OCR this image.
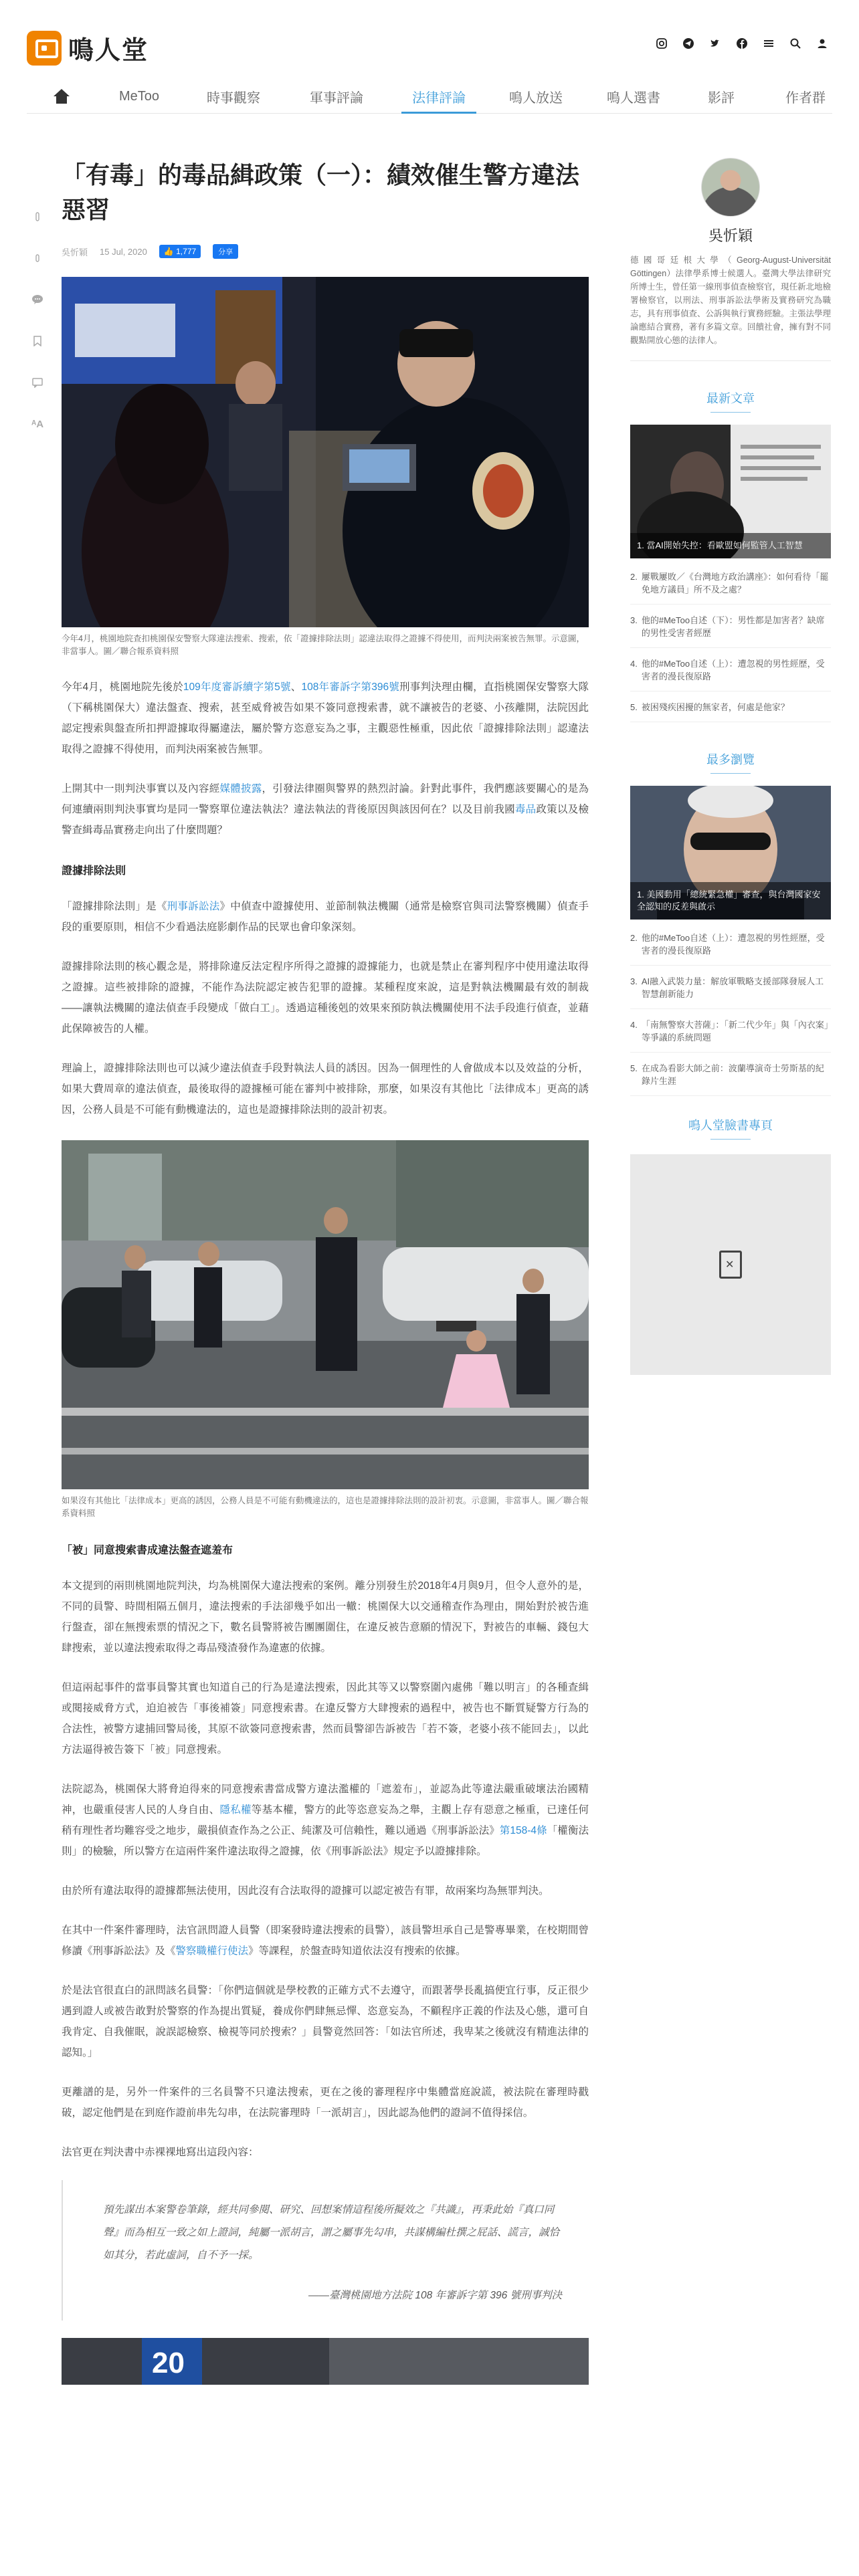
鳴人堂
MeToo	時事觀察	軍事評論	法律評論	鳴人放送	鳴人選書	影評	作者群
ᴬA
「有毒」的毒品緝政策（一）：績效催生警方違法惡習
吳忻穎 15 Jul, 2020 👍 1,777	分享
今年4月，桃園地院查扣桃園保安警察大隊違法搜索、搜索，依「證據排除法則」認違法取得之證據不得使用，而判決兩案被告無罪。示意圖，非當事人。圖／聯合報系資料照

今年4月，桃園地院先後於109年度審訴續字第5號、108年審訴字第396號刑事判決理由欄，直指桃園保安警察大隊（下稱桃園保大）違法盤查、搜索，甚至威脅被告如果不簽同意搜索書，就不讓被告的老婆、小孩離開，法院因此認定搜索與盤查所扣押證據取得屬違法，屬於警方恣意妄為之事，主觀惡性極重，因此依「證據排除法則」認違法取得之證據不得使用，而判決兩案被告無罪。

上開其中一則判決事實以及內容經媒體披露，引發法律圈與警界的熱烈討論。針對此事件，我們應該要關心的是為何連續兩則判決事實均是同一警察單位違法執法？違法執法的背後原因與該因何在？以及目前我國毒品政策以及檢警查緝毒品實務走向出了什麼問題？

證據排除法則

「證據排除法則」是《刑事訴訟法》中偵查中證據使用、並節制執法機關（通常是檢察官與司法警察機關）偵查手段的重要原則，相信不少看過法庭影劇作品的民眾也會印象深刻。

證據排除法則的核心觀念是，將排除違反法定程序所得之證據的證據能力，也就是禁止在審判程序中使用違法取得之證據。這些被排除的證據，不能作為法院認定被告犯罪的證據。某種程度來說，這是對執法機關最有效的制裁——讓執法機關的違法偵查手段變成「做白工」。透過這種後剋的效果來預防執法機關使用不法手段進行偵查，並藉此保障被告的人權。

理論上，證據排除法則也可以減少違法偵查手段對執法人員的誘因。因為一個理性的人會做成本以及效益的分析，如果大費周章的違法偵查，最後取得的證據極可能在審判中被排除，那麼，如果沒有其他比「法律成本」更高的誘因，公務人員是不可能有動機違法的，這也是證據排除法則的設計初衷。

如果沒有其他比「法律成本」更高的誘因，公務人員是不可能有動機違法的，這也是證據排除法則的設計初衷。示意圖，非當事人。圖／聯合報系資料照
「被」同意搜索書成違法盤查遮羞布

本文提到的兩則桃園地院判決，均為桃園保大違法搜索的案例。離分別發生於2018年4月與9月，但令人意外的是，不同的員警、時間相隔五個月，違法搜索的手法卻幾乎如出一轍：桃園保大以交通稽查作為理由，開始對於被告進行盤查，卻在無搜索票的情況之下，數名員警將被告團團圍住，在違反被告意願的情況下，對被告的車輛、錢包大肆搜索，並以違法搜索取得之毒品殘渣發作為違憲的依據。

但這兩起事件的當事員警其實也知道自己的行為是違法搜索，因此其等又以警察圍內處佛「難以明言」的各種查緝或閱接威脅方式，迫迫被告「事後補簽」同意搜索書。在違反警方大肆搜索的過程中，被告也不斷質疑警方行為的合法性，被警方逮捕回警局後，其原不欲簽同意搜索書，然而員警卻告訴被告「若不簽，老婆小孩不能回去」，以此方法逼得被告簽下「被」同意搜索。

法院認為，桃園保大將脅迫得來的同意搜索書當成警方違法濫權的「遮羞布」，並認為此等違法嚴重破壞法治國精神，也嚴重侵害人民的人身自由、隱私權等基本權，警方的此等恣意妄為之舉，主觀上存有惡意之極重，已達任何稍有理性者均難容受之地步，嚴損偵查作為之公正、純潔及可信賴性，難以通過《刑事訴訟法》第158-4條「權衡法則」的檢驗，所以警方在這兩件案件違法取得之證據，依《刑事訴訟法》規定予以證據排除。

由於所有違法取得的證據都無法使用，因此沒有合法取得的證據可以認定被告有罪，故兩案均為無罪判決。

在其中一件案件審理時，法官訊問證人員警（即案發時違法搜索的員警），該員警坦承自己是警專畢業，在校期間曾修讀《刑事訴訟法》及《警察職權行使法》等課程，於盤查時知道依法沒有搜索的依據。

於是法官很直白的訊問該名員警：「你們這個就是學校教的正確方式不去遵守，而跟著學長亂搞便宜行事，反正很少遇到證人或被告敢對於警察的作為提出質疑，養成你們肆無忌憚、恣意妄為，不顧程序正義的作法及心態，還可自我肯定、自我催眠，說誤認檢察、檢視等同於搜索？」員警竟然回答：「如法官所述，我卑某之後就沒有精進法律的認知。」

更離譜的是，另外一件案件的三名員警不只違法搜索，更在之後的審理程序中集體當庭說謊，被法院在審理時戳破，認定他們是在到庭作證前串先勾串，在法院審理時「一派胡言」，因此認為他們的證詞不值得採信。

法官更在判決書中赤裸裸地寫出這段內容：

預先謀出本案警卷筆錄，經共同參閱、研究、回想案情這程後所擬效之『共識』，再秉此始『真口同聲』而為相互一致之如上證詞，純屬一派胡言，謂之屬事先勾串，共謀構編杜撰之屁話、謊言，誠恰如其分，若此虛詞，自不予一採。
——臺灣桃園地方法院 108 年審訴字第 396 號刑事判決
20
吳忻穎
德國哥廷根大學（Georg-August-Universität Göttingen）法律學系博士候選人。臺灣大學法律研究所博士生，曾任第一線刑事偵查檢察官，現任新北地檢署檢察官，以刑法、刑事訴訟法學術及實務研究為職志，具有刑事偵查、公訴與執行實務經驗。主張法學理論應結合實務，著有多篇文章。回饋社會，擁有對不同觀點開放心態的法律人。
最新文章
1. 當AI開始失控：看歐盟如何監管人工智慧
2. 屢戰屢敗／《台灣地方政治講座》：如何看待「罷免地方議員」所不及之處？
3. 他的#MeToo自述（下）：男性都是加害者？缺席的男性受害者經歷
4. 他的#MeToo自述（上）：遭忽視的男性經歷，受害者的漫長復原路
5. 被困殘疾困擾的無家者，何處是他家？
最多瀏覽
1. 美國動用「總統緊急權」審查，與台灣國家安全認知的反差與啟示
2. 他的#MeToo自述（上）：遭忽視的男性經歷，受害者的漫長復原路
3. AI融入武裝力量：解放軍戰略支援部隊發展人工智慧創新能力
4. 「南無警察大菩薩」：「新二代少年」與「內衣案」等爭議的系統問題
5. 在成為看影大師之前：波蘭導演奇士勞斯基的紀錄片生涯
鳴人堂臉書專頁
✕
